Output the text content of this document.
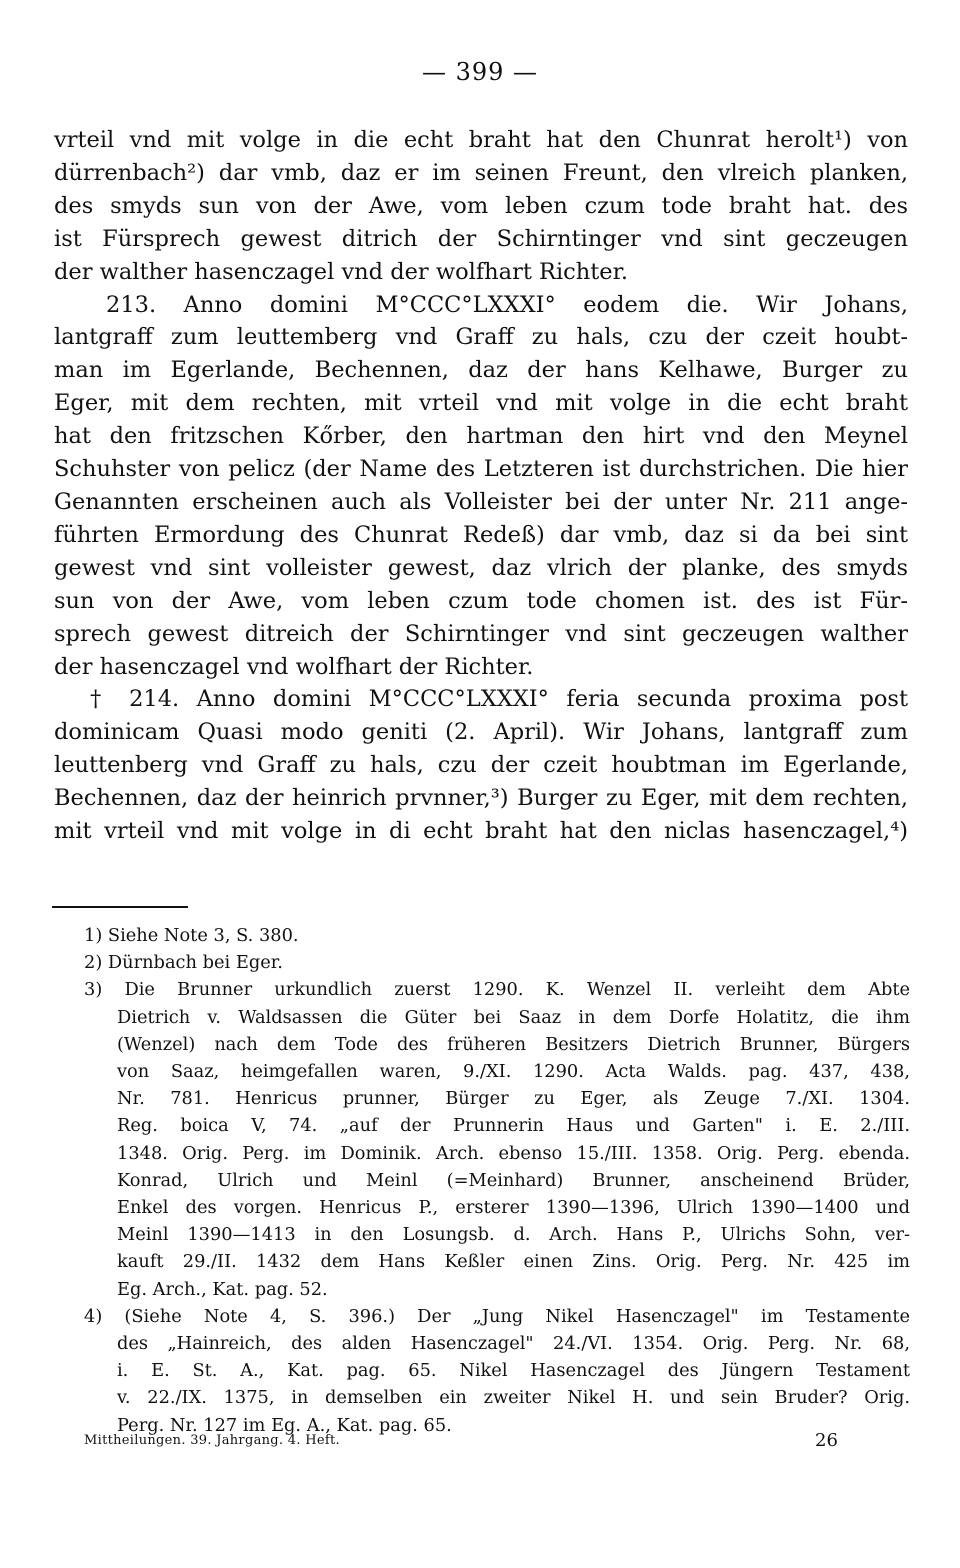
— 399 —
vrteil vnd mit volge in die echt braht hat den Chunrat herolt¹) von
dürrenbach²) dar vmb, daz er im seinen Freunt, den vlreich planken,
des smyds sun von der Awe, vom leben czum tode braht hat. des
ist Fürsprech gewest ditrich der Schirntinger vnd sint geczeugen
der walther hasenczagel vnd der wolfhart Richter.
213. Anno domini M°CCC°LXXXI° eodem die. Wir Johans,
lantgraff zum leuttemberg vnd Graff zu hals, czu der czeit houbt-
man im Egerlande, Bechennen, daz der hans Kelhawe, Burger zu
Eger, mit dem rechten, mit vrteil vnd mit volge in die echt braht
hat den fritzschen Kőrber, den hartman den hirt vnd den Meynel
Schuhster von pelicz (der Name des Letzteren ist durchstrichen. Die hier
Genannten erscheinen auch als Volleister bei der unter Nr. 211 ange-
führten Ermordung des Chunrat Redeß) dar vmb, daz si da bei sint
gewest vnd sint volleister gewest, daz vlrich der planke, des smyds
sun von der Awe, vom leben czum tode chomen ist. des ist Für-
sprech gewest ditreich der Schirntinger vnd sint geczeugen walther
der hasenczagel vnd wolfhart der Richter.
† 214. Anno domini M°CCC°LXXXI° feria secunda proxima post
dominicam Quasi modo geniti (2. April). Wir Johans, lantgraff zum
leuttenberg vnd Graff zu hals, czu der czeit houbtman im Egerlande,
Bechennen, daz der heinrich prvnner,³) Burger zu Eger, mit dem rechten,
mit vrteil vnd mit volge in di echt braht hat den niclas hasenczagel,⁴)
1) Siehe Note 3, S. 380.
2) Dürnbach bei Eger.
3) Die Brunner urkundlich zuerst 1290. K. Wenzel II. verleiht dem Abte
Dietrich v. Waldsassen die Güter bei Saaz in dem Dorfe Holatitz, die ihm
(Wenzel) nach dem Tode des früheren Besitzers Dietrich Brunner, Bürgers
von Saaz, heimgefallen waren, 9./XI. 1290. Acta Walds. pag. 437, 438,
Nr. 781. Henricus prunner, Bürger zu Eger, als Zeuge 7./XI. 1304.
Reg. boica V, 74. „auf der Prunnerin Haus und Garten" i. E. 2./III.
1348. Orig. Perg. im Dominik. Arch. ebenso 15./III. 1358. Orig. Perg. ebenda.
Konrad, Ulrich und Meinl (=Meinhard) Brunner, anscheinend Brüder,
Enkel des vorgen. Henricus P., ersterer 1390—1396, Ulrich 1390—1400 und
Meinl 1390—1413 in den Losungsb. d. Arch. Hans P., Ulrichs Sohn, ver-
kauft 29./II. 1432 dem Hans Keßler einen Zins. Orig. Perg. Nr. 425 im
Eg. Arch., Kat. pag. 52.
4) (Siehe Note 4, S. 396.) Der „Jung Nikel Hasenczagel" im Testamente
des „Hainreich, des alden Hasenczagel" 24./VI. 1354. Orig. Perg. Nr. 68,
i. E. St. A., Kat. pag. 65. Nikel Hasenczagel des Jüngern Testament
v. 22./IX. 1375, in demselben ein zweiter Nikel H. und sein Bruder? Orig.
Perg. Nr. 127 im Eg. A., Kat. pag. 65.
Mittheilungen. 39. Jahrgang. 4. Heft.	26
